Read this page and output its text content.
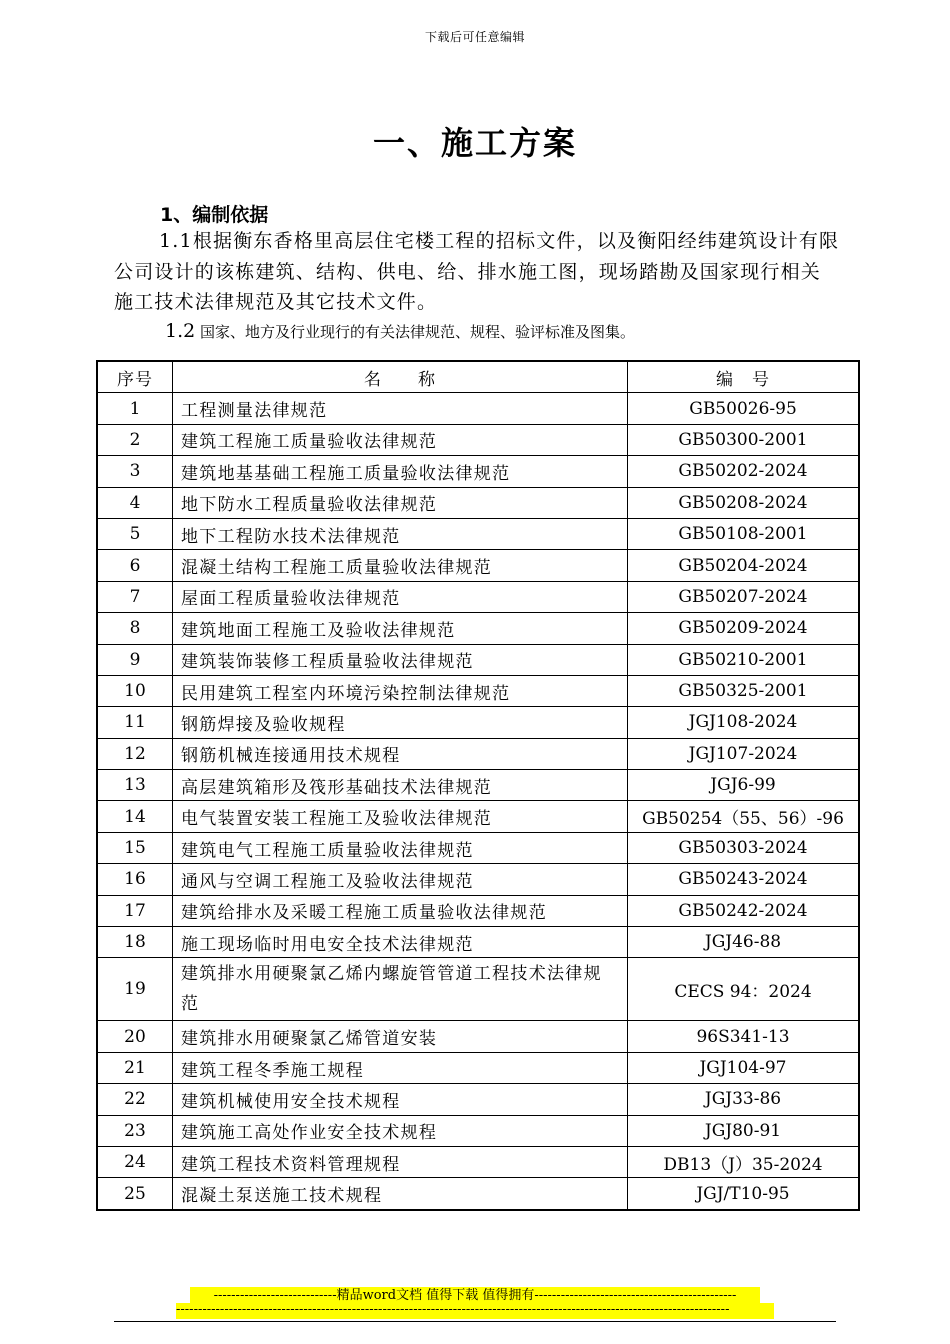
下载后可任意编辑
一、施工方案
1、编制依据
1.1根据衡东香格里高层住宅楼工程的招标文件，以及衡阳经纬建筑设计有限公司设计的该栋建筑、结构、供电、给、排水施工图，现场踏勘及国家现行相关施工技术法律规范及其它技术文件。
1.2 国家、地方及行业现行的有关法律规范、规程、验评标准及图集。
序号	名　　称	编　号
1	工程测量法律规范	GB50026-95
2	建筑工程施工质量验收法律规范	GB50300-2001
3	建筑地基基础工程施工质量验收法律规范	GB50202-2024
4	地下防水工程质量验收法律规范	GB50208-2024
5	地下工程防水技术法律规范	GB50108-2001
6	混凝土结构工程施工质量验收法律规范	GB50204-2024
7	屋面工程质量验收法律规范	GB50207-2024
8	建筑地面工程施工及验收法律规范	GB50209-2024
9	建筑装饰装修工程质量验收法律规范	GB50210-2001
10	民用建筑工程室内环境污染控制法律规范	GB50325-2001
11	钢筋焊接及验收规程	JGJ108-2024
12	钢筋机械连接通用技术规程	JGJ107-2024
13	高层建筑箱形及筏形基础技术法律规范	JGJ6-99
14	电气装置安装工程施工及验收法律规范	GB50254（55、56）-96
15	建筑电气工程施工质量验收法律规范	GB50303-2024
16	通风与空调工程施工及验收法律规范	GB50243-2024
17	建筑给排水及采暖工程施工质量验收法律规范	GB50242-2024
18	施工现场临时用电安全技术法律规范	JGJ46-88
19	建筑排水用硬聚氯乙烯内螺旋管管道工程技术法律规范	CECS 94：2024
20	建筑排水用硬聚氯乙烯管道安装	96S341-13
21	建筑工程冬季施工规程	JGJ104-97
22	建筑机械使用安全技术规程	JGJ33-86
23	建筑施工高处作业安全技术规程	JGJ80-91
24	建筑工程技术资料管理规程	DB13（J）35-2024
25	混凝土泵送施工技术规程	JGJ/T10-95
----------------------------精品word文档 值得下载 值得拥有----------------------------------------------
------------------------------------------------------------------------------------------------------------------------------
